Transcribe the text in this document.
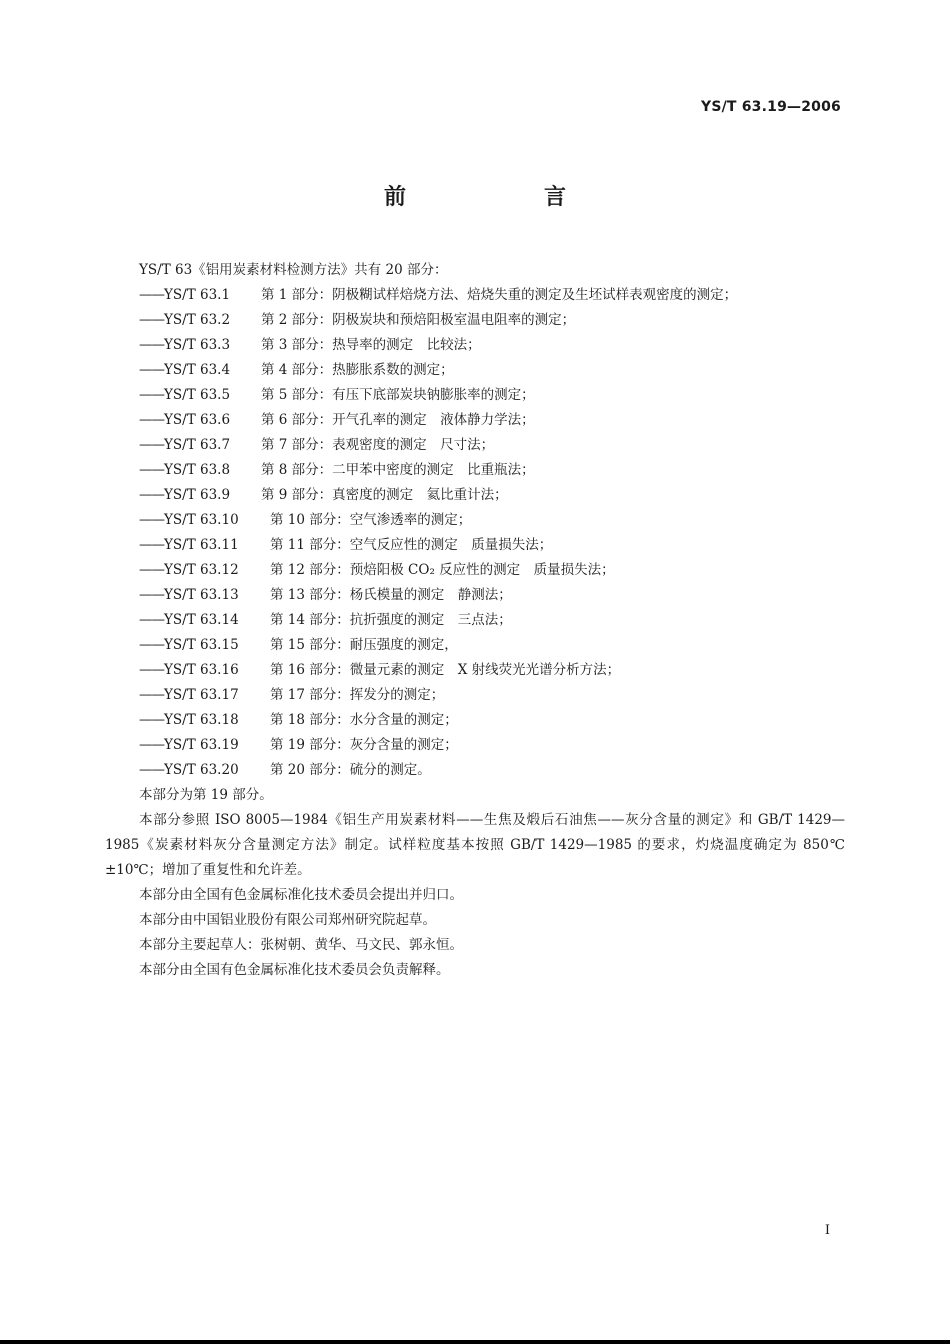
YS/T 63.19—2006
前　言
YS/T 63《铝用炭素材料检测方法》共有 20 部分：
——YS/T 63.1 第 1 部分：阴极糊试样焙烧方法、焙烧失重的测定及生坯试样表观密度的测定；
——YS/T 63.2 第 2 部分：阴极炭块和预焙阳极室温电阻率的测定；
——YS/T 63.3 第 3 部分：热导率的测定　比较法；
——YS/T 63.4 第 4 部分：热膨胀系数的测定；
——YS/T 63.5 第 5 部分：有压下底部炭块钠膨胀率的测定；
——YS/T 63.6 第 6 部分：开气孔率的测定　液体静力学法；
——YS/T 63.7 第 7 部分：表观密度的测定　尺寸法；
——YS/T 63.8 第 8 部分：二甲苯中密度的测定　比重瓶法；
——YS/T 63.9 第 9 部分：真密度的测定　氦比重计法；
——YS/T 63.10 第 10 部分：空气渗透率的测定；
——YS/T 63.11 第 11 部分：空气反应性的测定　质量损失法；
——YS/T 63.12 第 12 部分：预焙阳极 CO₂ 反应性的测定　质量损失法；
——YS/T 63.13 第 13 部分：杨氏模量的测定　静测法；
——YS/T 63.14 第 14 部分：抗折强度的测定　三点法；
——YS/T 63.15 第 15 部分：耐压强度的测定，
——YS/T 63.16 第 16 部分：微量元素的测定　X 射线荧光光谱分析方法；
——YS/T 63.17 第 17 部分：挥发分的测定；
——YS/T 63.18 第 18 部分：水分含量的测定；
——YS/T 63.19 第 19 部分：灰分含量的测定；
——YS/T 63.20 第 20 部分：硫分的测定。
本部分为第 19 部分。
本部分参照 ISO 8005—1984《铝生产用炭素材料——生焦及煅后石油焦——灰分含量的测定》和 GB/T 1429—1985《炭素材料灰分含量测定方法》制定。试样粒度基本按照 GB/T 1429—1985 的要求，灼烧温度确定为 850℃±10℃；增加了重复性和允许差。
本部分由全国有色金属标准化技术委员会提出并归口。
本部分由中国铝业股份有限公司郑州研究院起草。
本部分主要起草人：张树朝、黄华、马文民、郭永恒。
本部分由全国有色金属标准化技术委员会负责解释。
I
